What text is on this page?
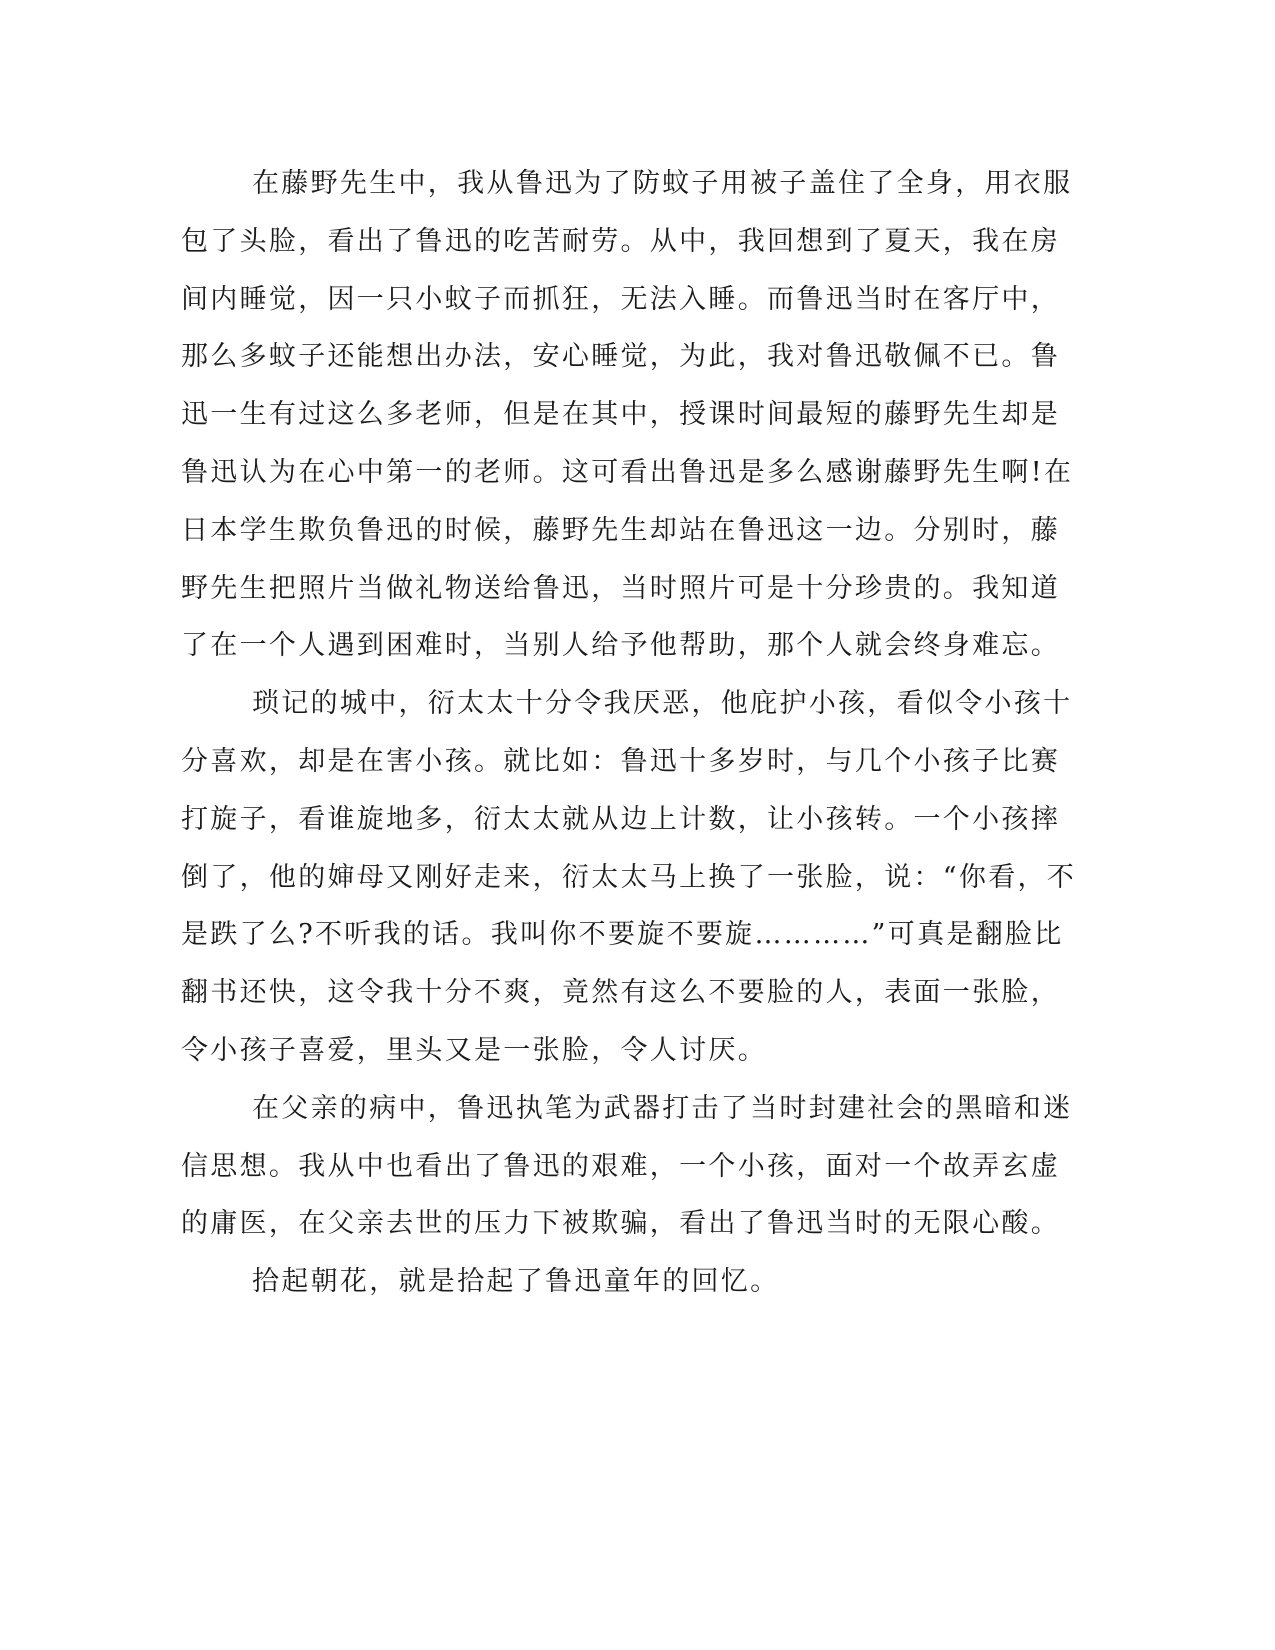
在藤野先生中，我从鲁迅为了防蚊子用被子盖住了全身，用衣服
包了头脸，看出了鲁迅的吃苦耐劳。从中，我回想到了夏天，我在房
间内睡觉，因一只小蚊子而抓狂，无法入睡。而鲁迅当时在客厅中，
那么多蚊子还能想出办法，安心睡觉，为此，我对鲁迅敬佩不已。鲁
迅一生有过这么多老师，但是在其中，授课时间最短的藤野先生却是
鲁迅认为在心中第一的老师。这可看出鲁迅是多么感谢藤野先生啊!在
日本学生欺负鲁迅的时候，藤野先生却站在鲁迅这一边。分别时，藤
野先生把照片当做礼物送给鲁迅，当时照片可是十分珍贵的。我知道
了在一个人遇到困难时，当别人给予他帮助，那个人就会终身难忘。
琐记的城中，衍太太十分令我厌恶，他庇护小孩，看似令小孩十
分喜欢，却是在害小孩。就比如：鲁迅十多岁时，与几个小孩子比赛
打旋子，看谁旋地多，衍太太就从边上计数，让小孩转。一个小孩摔
倒了，他的婶母又刚好走来，衍太太马上换了一张脸，说：“你看，不
是跌了么?不听我的话。我叫你不要旋不要旋…………”可真是翻脸比
翻书还快，这令我十分不爽，竟然有这么不要脸的人，表面一张脸，
令小孩子喜爱，里头又是一张脸，令人讨厌。
在父亲的病中，鲁迅执笔为武器打击了当时封建社会的黑暗和迷
信思想。我从中也看出了鲁迅的艰难，一个小孩，面对一个故弄玄虚
的庸医，在父亲去世的压力下被欺骗，看出了鲁迅当时的无限心酸。
拾起朝花，就是拾起了鲁迅童年的回忆。
